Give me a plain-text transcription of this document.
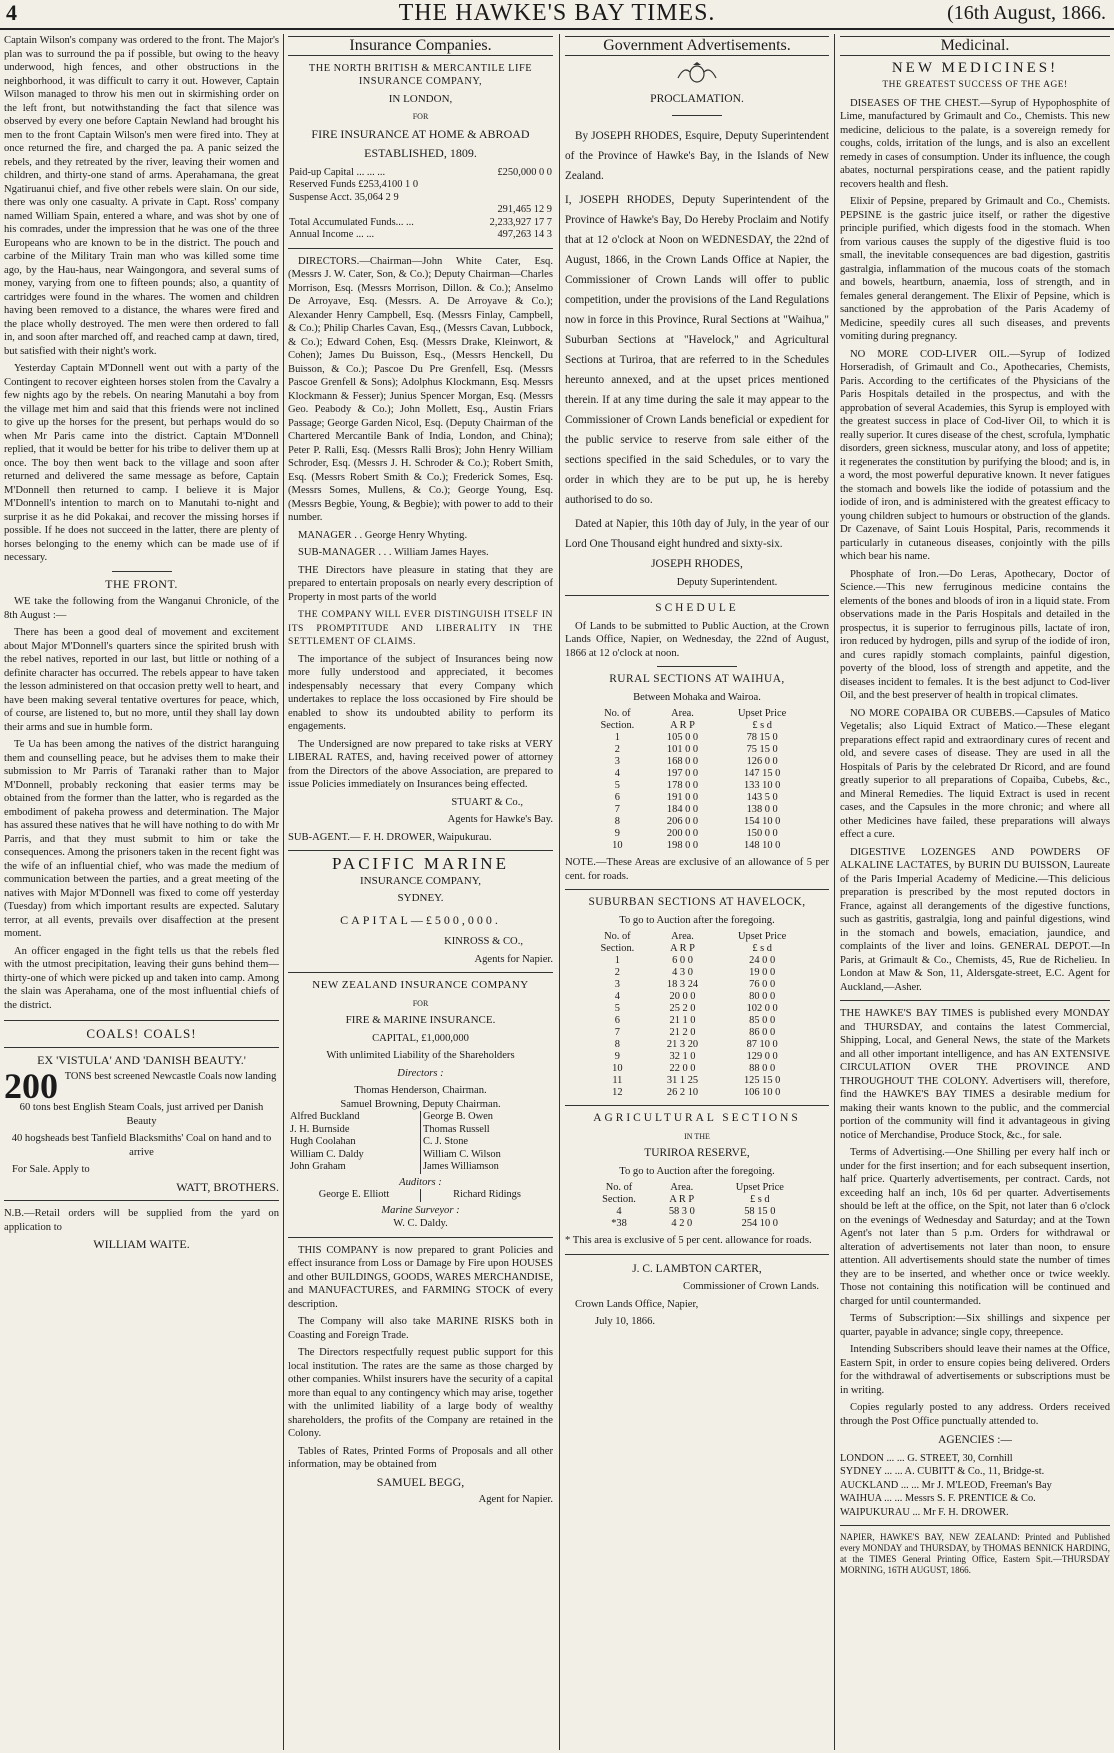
THE HAWKE'S BAY TIMES.
4	(16th August, 1866.

Captain Wilson's company was ordered to the front. The Major's plan was to surround the pa if possible, but owing to the heavy underwood, high fences, and other obstructions in the neighborhood, it was difficult to carry it out. However, Captain Wilson managed to throw his men out in skirmishing order on the left front, but notwithstanding the fact that silence was observed by every one before Captain Newland had brought his men to the front Captain Wilson's men were fired into. They at once returned the fire, and charged the pa. A panic seized the rebels, and they retreated by the river, leaving their women and children, and thirty-one stand of arms. Aperahamana, the great Ngatiruanui chief, and five other rebels were slain. On our side, there was only one casualty. A private in Capt. Ross' company named William Spain, entered a whare, and was shot by one of his comrades, under the impression that he was one of the three Europeans who are known to be in the district. The pouch and carbine of the Military Train man who was killed some time ago, by the Hau-haus, near Waingongora, and several sums of money, varying from one to fifteen pounds; also, a quantity of cartridges were found in the whares. The women and children having been removed to a distance, the whares were fired and the place wholly destroyed. The men were then ordered to fall in, and soon after marched off, and reached camp at dawn, tired, but satisfied with their night's work.

Yesterday Captain M'Donnell went out with a party of the Contingent to recover eighteen horses stolen from the Cavalry a few nights ago by the rebels. On nearing Manutahi a boy from the village met him and said that this friends were not inclined to give up the horses for the present, but perhaps would do so when Mr Paris came into the district. Captain M'Donnell replied, that it would be better for his tribe to deliver them up at once. The boy then went back to the village and soon after returned and delivered the same message as before, Captain M'Donnell then returned to camp. I believe it is Major M'Donnell's intention to march on to Manutahi to-night and surprise it as he did Pokakai, and recover the missing horses if possible. If he does not succeed in the latter, there are plenty of horses belonging to the enemy which can be made use of if necessary.

THE FRONT.

WE take the following from the Wanganui Chronicle, of the 8th August :—

There has been a good deal of movement and excitement about Major M'Donnell's quarters since the spirited brush with the rebel natives, reported in our last, but little or nothing of a definite character has occurred. The rebels appear to have taken the lesson administered on that occasion pretty well to heart, and have been making several tentative overtures for peace, which, of course, are listened to, but no more, until they shall lay down their arms and sue in humble form.

Te Ua has been among the natives of the district haranguing them and counselling peace, but he advises them to make their submission to Mr Parris of Taranaki rather than to Major M'Donnell, probably reckoning that easier terms may be obtained from the former than the latter, who is regarded as the embodiment of pakeha prowess and determination. The Major has assured these natives that he will have nothing to do with Mr Parris, and that they must submit to him or take the consequences. Among the prisoners taken in the recent fight was the wife of an influential chief, who was made the medium of communication between the parties, and a great meeting of the natives with Major M'Donnell was fixed to come off yesterday (Tuesday) from which important results are expected. Salutary terror, at all events, prevails over disaffection at the present moment.

An officer engaged in the fight tells us that the rebels fled with the utmost precipitation, leaving their guns behind them—thirty-one of which were picked up and taken into camp. Among the slain was Aperahama, one of the most influential chiefs of the district.

COALS! COALS!

EX 'VISTULA' AND 'DANISH BEAUTY.'

200 TONS best screened Newcastle Coals now landing

60 tons best English Steam Coals, just arrived per Danish Beauty

40 hogsheads best Tanfield Blacksmiths' Coal on hand and to arrive

For Sale. Apply to

WATT, BROTHERS.

N.B.—Retail orders will be supplied from the yard on application to

WILLIAM WAITE.

Insurance Companies.

THE NORTH BRITISH & MERCANTILE LIFE INSURANCE COMPANY,

IN LONDON,

FOR

FIRE INSURANCE AT HOME & ABROAD

ESTABLISHED, 1809.

Paid-up Capital ... ... ...	£250,000 0 0
Reserved Funds £253,4100 1 0	
Suspense Acct. 35,064 2 9	
	291,465 12 9
Total Accumulated Funds... ...	2,233,927 17 7
Annual Income ... ...	497,263 14 3

DIRECTORS.—Chairman—John White Cater, Esq. (Messrs J. W. Cater, Son, & Co.); Deputy Chairman—Charles Morrison, Esq. (Messrs Morrison, Dillon. & Co.); Anselmo De Arroyave, Esq. (Messrs. A. De Arroyave & Co.); Alexander Henry Campbell, Esq. (Messrs Finlay, Campbell, & Co.); Philip Charles Cavan, Esq., (Messrs Cavan, Lubbock, & Co.); Edward Cohen, Esq. (Messrs Drake, Kleinwort, & Cohen); James Du Buisson, Esq., (Messrs Henckell, Du Buisson, & Co.); Pascoe Du Pre Grenfell, Esq. (Messrs Pascoe Grenfell & Sons); Adolphus Klockmann, Esq. Messrs Klockmann & Fesser); Junius Spencer Morgan, Esq. (Messrs Geo. Peabody & Co.); John Mollett, Esq., Austin Friars Passage; George Garden Nicol, Esq. (Deputy Chairman of the Chartered Mercantile Bank of India, London, and China); Peter P. Ralli, Esq. (Messrs Ralli Bros); John Henry William Schroder, Esq. (Messrs J. H. Schroder & Co.); Robert Smith, Esq. (Messrs Robert Smith & Co.); Frederick Somes, Esq. (Messrs Somes, Mullens, & Co.); George Young, Esq. (Messrs Begbie, Young, & Begbie); with power to add to their number.

MANAGER . . George Henry Whyting.

SUB-MANAGER . . . William James Hayes.

THE Directors have pleasure in stating that they are prepared to entertain proposals on nearly every description of Property in most parts of the world

THE COMPANY WILL EVER DISTINGUISH ITSELF IN ITS PROMPTITUDE AND LIBERALITY IN THE SETTLEMENT OF CLAIMS.

The importance of the subject of Insurances being now more fully understood and appreciated, it becomes indespensably necessary that every Company which undertakes to replace the loss occasioned by Fire should be enabled to show its undoubted ability to perform its engagements.

The Undersigned are now prepared to take risks at VERY LIBERAL RATES, and, having received power of attorney from the Directors of the above Association, are prepared to issue Policies immediately on Insurances being effected.

STUART & Co.,

Agents for Hawke's Bay.

SUB-AGENT.— F. H. DROWER, Waipukurau.

PACIFIC MARINE

INSURANCE COMPANY,

SYDNEY.

CAPITAL—£500,000.

KINROSS & CO.,

Agents for Napier.

NEW ZEALAND INSURANCE COMPANY

FOR

FIRE & MARINE INSURANCE.

CAPITAL, £1,000,000

With unlimited Liability of the Shareholders

Directors :

Thomas Henderson, Chairman.

Samuel Browning, Deputy Chairman.

Alfred Buckland	George B. Owen
J. H. Burnside	Thomas Russell
Hugh Coolahan	C. J. Stone
William C. Daldy	William C. Wilson
John Graham	James Williamson

Auditors :

George E. Elliott	Richard Ridings

Marine Surveyor :

W. C. Daldy.

THIS COMPANY is now prepared to grant Policies and effect insurance from Loss or Damage by Fire upon HOUSES and other BUILDINGS, GOODS, WARES MERCHANDISE, and MANUFACTURES, and FARMING STOCK of every description.

The Company will also take MARINE RISKS both in Coasting and Foreign Trade.

The Directors respectfully request public support for this local institution. The rates are the same as those charged by other companies. Whilst insurers have the security of a capital more than equal to any contingency which may arise, together with the unlimited liability of a large body of wealthy shareholders, the profits of the Company are retained in the Colony.

Tables of Rates, Printed Forms of Proposals and all other information, may be obtained from

SAMUEL BEGG,

Agent for Napier.

Government Advertisements.

PROCLAMATION.

By JOSEPH RHODES, Esquire, Deputy Superintendent of the Province of Hawke's Bay, in the Islands of New Zealand.

I, JOSEPH RHODES, Deputy Superintendent of the Province of Hawke's Bay, Do Hereby Proclaim and Notify that at 12 o'clock at Noon on WEDNESDAY, the 22nd of August, 1866, in the Crown Lands Office at Napier, the Commissioner of Crown Lands will offer to public competition, under the provisions of the Land Regulations now in force in this Province, Rural Sections at "Waihua," Suburban Sections at "Havelock," and Agricultural Sections at Turiroa, that are referred to in the Schedules hereunto annexed, and at the upset prices mentioned therein. If at any time during the sale it may appear to the Commissioner of Crown Lands beneficial or expedient for the public service to reserve from sale either of the sections specified in the said Schedules, or to vary the order in which they are to be put up, he is hereby authorised to do so.

Dated at Napier, this 10th day of July, in the year of our Lord One Thousand eight hundred and sixty-six.

JOSEPH RHODES,

Deputy Superintendent.

SCHEDULE

Of Lands to be submitted to Public Auction, at the Crown Lands Office, Napier, on Wednesday, the 22nd of August, 1866 at 12 o'clock at noon.

RURAL SECTIONS AT WAIHUA,

Between Mohaka and Wairoa.

No. of	Area.	Upset Price
Section.	A R P	£ s d
1	105 0 0	78 15 0
2	101 0 0	75 15 0
3	168 0 0	126 0 0
4	197 0 0	147 15 0
5	178 0 0	133 10 0
6	191 0 0	143 5 0
7	184 0 0	138 0 0
8	206 0 0	154 10 0
9	200 0 0	150 0 0
10	198 0 0	148 10 0

NOTE.—These Areas are exclusive of an allowance of 5 per cent. for roads.

SUBURBAN SECTIONS AT HAVELOCK,

To go to Auction after the foregoing.

No. of	Area.	Upset Price
Section.	A R P	£ s d
1	6 0 0	24 0 0
2	4 3 0	19 0 0
3	18 3 24	76 0 0
4	20 0 0	80 0 0
5	25 2 0	102 0 0
6	21 1 0	85 0 0
7	21 2 0	86 0 0
8	21 3 20	87 10 0
9	32 1 0	129 0 0
10	22 0 0	88 0 0
11	31 1 25	125 15 0
12	26 2 10	106 10 0

AGRICULTURAL SECTIONS

IN THE

TURIROA RESERVE,

To go to Auction after the foregoing.

No. of	Area.	Upset Price
Section.	A R P	£ s d
4	58 3 0	58 15 0
*38	4 2 0	254 10 0

* This area is exclusive of 5 per cent. allowance for roads.

J. C. LAMBTON CARTER,

Commissioner of Crown Lands.

Crown Lands Office, Napier,

July 10, 1866.

Medicinal.

NEW MEDICINES!

THE GREATEST SUCCESS OF THE AGE!

DISEASES OF THE CHEST.—Syrup of Hypophosphite of Lime, manufactured by Grimault and Co., Chemists. This new medicine, delicious to the palate, is a sovereign remedy for coughs, colds, irritation of the lungs, and is also an excellent remedy in cases of consumption. Under its influence, the cough abates, nocturnal perspirations cease, and the patient rapidly recovers health and flesh.

Elixir of Pepsine, prepared by Grimault and Co., Chemists. PEPSINE is the gastric juice itself, or rather the digestive principle purified, which digests food in the stomach. When from various causes the supply of the digestive fluid is too small, the inevitable consequences are bad digestion, gastritis gastralgia, inflammation of the mucous coats of the stomach and bowels, heartburn, anaemia, loss of strength, and in females general derangement. The Elixir of Pepsine, which is sanctioned by the approbation of the Paris Academy of Medicine, speedily cures all such diseases, and prevents vomiting during pregnancy.

NO MORE COD-LIVER OIL.—Syrup of Iodized Horseradish, of Grimault and Co., Apothecaries, Chemists, Paris. According to the certificates of the Physicians of the Paris Hospitals detailed in the prospectus, and with the approbation of several Academies, this Syrup is employed with the greatest success in place of Cod-liver Oil, to which it is really superior. It cures disease of the chest, scrofula, lymphatic disorders, green sickness, muscular atony, and loss of appetite; it regenerates the constitution by purifying the blood; and is, in a word, the most powerful depurative known. It never fatigues the stomach and bowels like the iodide of potassium and the iodide of iron, and is administered with the greatest efficacy to young children subject to humours or obstruction of the glands. Dr Cazenave, of Saint Louis Hospital, Paris, recommends it particularly in cutaneous diseases, conjointly with the pills which bear his name.

Phosphate of Iron.—Do Leras, Apothecary, Doctor of Science.—This new ferruginous medicine contains the elements of the bones and bloods of iron in a liquid state. From observations made in the Paris Hospitals and detailed in the prospectus, it is superior to ferruginous pills, lactate of iron, iron reduced by hydrogen, pills and syrup of the iodide of iron, and cures rapidly stomach complaints, painful digestion, poverty of the blood, loss of strength and appetite, and the diseases incident to females. It is the best adjunct to Cod-liver Oil, and the best preserver of health in tropical climates.

NO MORE COPAIBA OR CUBEBS.—Capsules of Matico Vegetalis; also Liquid Extract of Matico.—These elegant preparations effect rapid and extraordinary cures of recent and old, and severe cases of disease. They are used in all the Hospitals of Paris by the celebrated Dr Ricord, and are found greatly superior to all preparations of Copaiba, Cubebs, &c., and Mineral Remedies. The liquid Extract is used in recent cases, and the Capsules in the more chronic; and where all other Medicines have failed, these preparations will always effect a cure.

DIGESTIVE LOZENGES AND POWDERS OF ALKALINE LACTATES, by BURIN DU BUISSON, Laureate of the Paris Imperial Academy of Medicine.—This delicious preparation is prescribed by the most reputed doctors in France, against all derangements of the digestive functions, such as gastritis, gastralgia, long and painful digestions, wind in the stomach and bowels, emaciation, jaundice, and complaints of the liver and loins. GENERAL DEPOT.—In Paris, at Grimault & Co., Chemists, 45, Rue de Richelieu. In London at Maw & Son, 11, Aldersgate-street, E.C. Agent for Auckland,—Asher.

THE HAWKE'S BAY TIMES is published every MONDAY and THURSDAY, and contains the latest Commercial, Shipping, Local, and General News, the state of the Markets and all other important intelligence, and has AN EXTENSIVE CIRCULATION OVER THE PROVINCE AND THROUGHOUT THE COLONY. Advertisers will, therefore, find the HAWKE'S BAY TIMES a desirable medium for making their wants known to the public, and the commercial portion of the community will find it advantageous in giving notice of Merchandise, Produce Stock, &c., for sale.

Terms of Advertising.—One Shilling per every half inch or under for the first insertion; and for each subsequent insertion, half price. Quarterly advertisements, per contract. Cards, not exceeding half an inch, 10s 6d per quarter. Advertisements should be left at the office, on the Spit, not later than 6 o'clock on the evenings of Wednesday and Saturday; and at the Town Agent's not later than 5 p.m. Orders for withdrawal or alteration of advertisements not later than noon, to ensure attention. All advertisements should state the number of times they are to be inserted, and whether once or twice weekly. Those not containing this notification will be continued and charged for until countermanded.

Terms of Subscription:—Six shillings and sixpence per quarter, payable in advance; single copy, threepence.

Intending Subscribers should leave their names at the Office, Eastern Spit, in order to ensure copies being delivered. Orders for the withdrawal of advertisements or subscriptions must be in writing.

Copies regularly posted to any address. Orders received through the Post Office punctually attended to.

AGENCIES :—

LONDON ... ... G. STREET, 30, Cornhill

SYDNEY ... ... A. CUBITT & Co., 11, Bridge-st.

AUCKLAND ... ... Mr J. M'LEOD, Freeman's Bay

WAIHUA ... ... Messrs S. F. PRENTICE & Co.

WAIPUKURAU ... Mr F. H. DROWER.

NAPIER, HAWKE'S BAY, NEW ZEALAND: Printed and Published every MONDAY and THURSDAY, by THOMAS BENNICK HARDING, at the TIMES General Printing Office, Eastern Spit.—THURSDAY MORNING, 16TH AUGUST, 1866.
